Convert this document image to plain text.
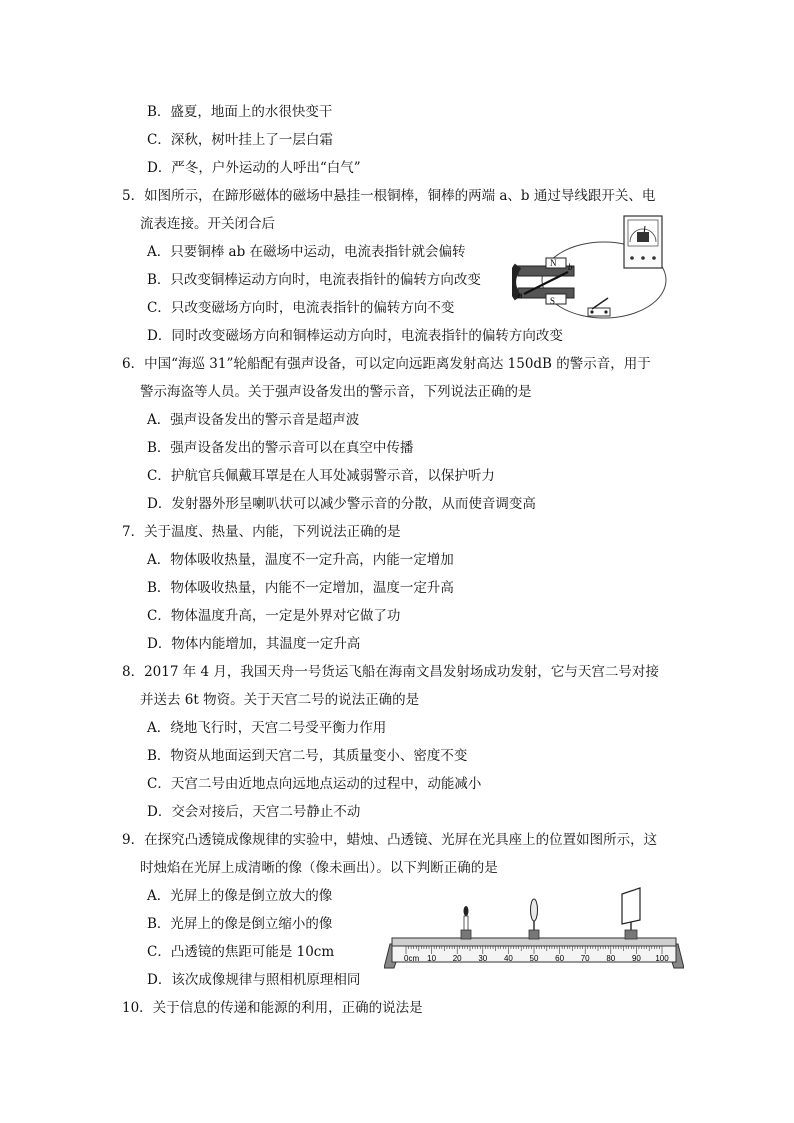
B．盛夏，地面上的水很快变干
C．深秋，树叶挂上了一层白霜
D．严冬，户外运动的人呼出“白气”
5．如图所示，在蹄形磁体的磁场中悬挂一根铜棒，铜棒的两端 a、b 通过导线跟开关、电
流表连接。开关闭合后
A．只要铜棒 ab 在磁场中运动，电流表指针就会偏转
B．只改变铜棒运动方向时，电流表指针的偏转方向改变
C．只改变磁场方向时，电流表指针的偏转方向不变
D．同时改变磁场方向和铜棒运动方向时，电流表指针的偏转方向改变
N
S
a
b
6．中国“海巡 31”轮船配有强声设备，可以定向远距离发射高达 150dB 的警示音，用于
警示海盗等人员。关于强声设备发出的警示音，下列说法正确的是
A．强声设备发出的警示音是超声波
B．强声设备发出的警示音可以在真空中传播
C．护航官兵佩戴耳罩是在人耳处减弱警示音，以保护听力
D．发射器外形呈喇叭状可以减少警示音的分散，从而使音调变高
7．关于温度、热量、内能，下列说法正确的是
A．物体吸收热量，温度不一定升高，内能一定增加
B．物体吸收热量，内能不一定增加，温度一定升高
C．物体温度升高，一定是外界对它做了功
D．物体内能增加，其温度一定升高
8．2017 年 4 月，我国天舟一号货运飞船在海南文昌发射场成功发射，它与天宫二号对接
并送去 6t 物资。关于天宫二号的说法正确的是
A．绕地飞行时，天宫二号受平衡力作用
B．物资从地面运到天宫二号，其质量变小、密度不变
C．天宫二号由近地点向远地点运动的过程中，动能减小
D．交会对接后，天宫二号静止不动
9．在探究凸透镜成像规律的实验中，蜡烛、凸透镜、光屏在光具座上的位置如图所示，这
时烛焰在光屏上成清晰的像（像未画出）。以下判断正确的是
A．光屏上的像是倒立放大的像
B．光屏上的像是倒立缩小的像
C．凸透镜的焦距可能是 10cm
D．该次成像规律与照相机原理相同
0cm 10 20 30 40 50 60 70 80 90 100
10．关于信息的传递和能源的利用，正确的说法是
